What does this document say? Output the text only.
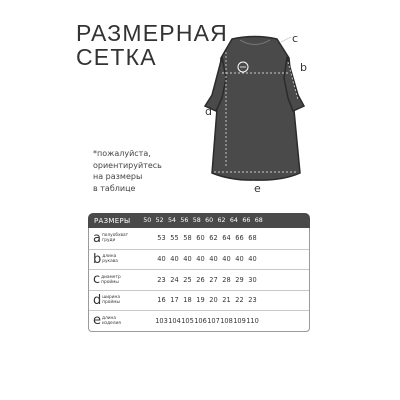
РАЗМЕРНАЯ
СЕТКА
c
b
d
e
*пожалуйста,
ориентируйтесь
на размеры
в таблице
РАЗМЕРЫ	50 52 54 56 58 60 62 64 66 68
a полуобхват
груди	53 55 58 60 62 64 66 68
b длина
рукава	40 40 40 40 40 40 40 40
c диаметр
проймы	23 24 25 26 27 28 29 30
d ширина
проймы	16 17 18 19 20 21 22 23
e длина
изделия	103 104 105 106 107 108 109 110
